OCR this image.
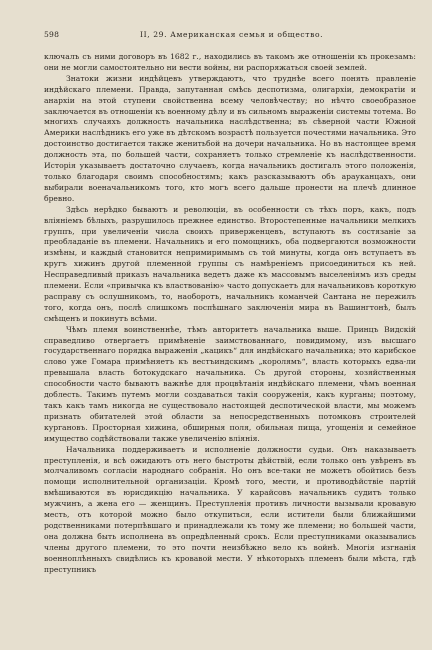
598	II, 29. Американская семья и общество.

ключалъ съ ними договоръ въ 1682 г., находились въ такомъ же отношеніи къ прокезамъ: они не могли самостоятельно ни вести войны, ни распоряжаться своей землей.

Знатоки жизни индѣйцевъ утверждаютъ, что труднѣе всего понять правленіе индѣйскаго племени. Правда, запутанная смѣсь деспотизма, олигархіи, демократіи и анархіи на этой ступени свойственна всему человѣчеству; но нѣчто своеобразное заключается въ отношеніи къ военному дѣлу и въ сильномъ выраженіи системы тотема. Во многихъ случаяхъ должность начальника наслѣдственна; въ сѣверной части Южной Америки наслѣдникъ его уже въ дѣтскомъ возрастѣ пользуется почестями начальника. Это достоинство достигается также женитьбой на дочери начальника. Но въ настоящее время должность эта, по большей части, сохраняетъ только стремленіе къ наслѣдственности. Исторія указываетъ достаточно случаевъ, когда начальникъ достигалъ этого положенія, только благодаря своимъ способностямъ; какъ разсказываютъ объ арауканцахъ, они выбирали военачальникомъ того, кто могъ всего дальше пронести на плечѣ длинное бревно.

Здѣсь нерѣдко бываютъ и революціи, въ особенности съ тѣхъ поръ, какъ, подъ вліяніемъ бѣлыхъ, разрушилось прежнее единство. Второстепенные начальники мелкихъ группъ, при увеличеніи числа своихъ приверженцевъ, вступаютъ въ состязаніе за преобладаніе въ племени. Начальникъ и его помощникъ, оба подвергаются возможности измѣны, и каждый становится непримиримымъ съ той минуты, когда онъ вступаетъ въ кругъ хижинъ другой племенной группы съ намѣреніемъ присоединиться къ ней. Несправедливый приказъ начальника ведетъ даже къ массовымъ выселеніямъ изъ среды племени. Если «привычка къ властвованію» часто допускаетъ для начальниковъ короткую расправу съ ослушникомъ, то, наоборотъ, начальникъ команчей Сантана не пережилъ того, когда онъ, послѣ слишкомъ поспѣшнаго заключенія мира въ Вашингтонѣ, былъ смѣщенъ и покинутъ всѣми.

Чѣмъ племя воинственнѣе, тѣмъ авторитетъ начальника выше. Принцъ Видскій справедливо отвергаетъ примѣненіе заимствованнаго, повидимому, изъ высшаго государственнаго порядка выраженія „кацикъ“ для индѣйскаго начальника; это карибское слово уже Гомара примѣняетъ къ вестъиндскимъ „королямъ“, власть которыхъ едва-ли превышала власть ботокудскаго начальника. Съ другой стороны, хозяйственныя способности часто бываютъ важнѣе для процвѣтанія индѣйскаго племени, чѣмъ военная доблесть. Такимъ путемъ могли создаваться такія сооруженія, какъ курганы; поэтому, такъ какъ тамъ никогда не существовало настоящей деспотической власти, мы можемъ признать обитателей этой области за непосредственныхъ потомковъ строителей кургановъ. Просторная хижина, обширныя поля, обильная пища, угощенія и семейное имущество содѣйствовали также увеличенію вліянія.

Начальника поддерживаетъ и исполненіе должности судьи. Онъ наказываетъ преступленія, и всѣ ожидаютъ отъ него быстроты дѣйствій, если только онъ увѣренъ въ молчаливомъ согласіи народнаго собранія. Но онъ все-таки не можетъ обойтись безъ помощи исполнительной организаціи. Кромѣ того, мести, и противодѣйствіе партій вмѣшиваются въ юрисдикцію начальника. У карайсовъ начальникъ судитъ только мужчинъ, а жена его — женщинъ. Преступленія противъ личности вызывали кровавую месть, отъ которой можно было откупиться, если истители были ближайшими родственниками потерпѣвшаго и принадлежали къ тому же племени; но большей части, она должна быть исполнена въ опредѣленный срокъ. Если преступниками оказывались члены другого племени, то это почти неизбѣжно вело къ войнѣ. Многія изгнанія военноплѣнныхъ свидѣлись къ кровавой мести. У нѣкоторыхъ племенъ были мѣста, гдѣ преступникъ
